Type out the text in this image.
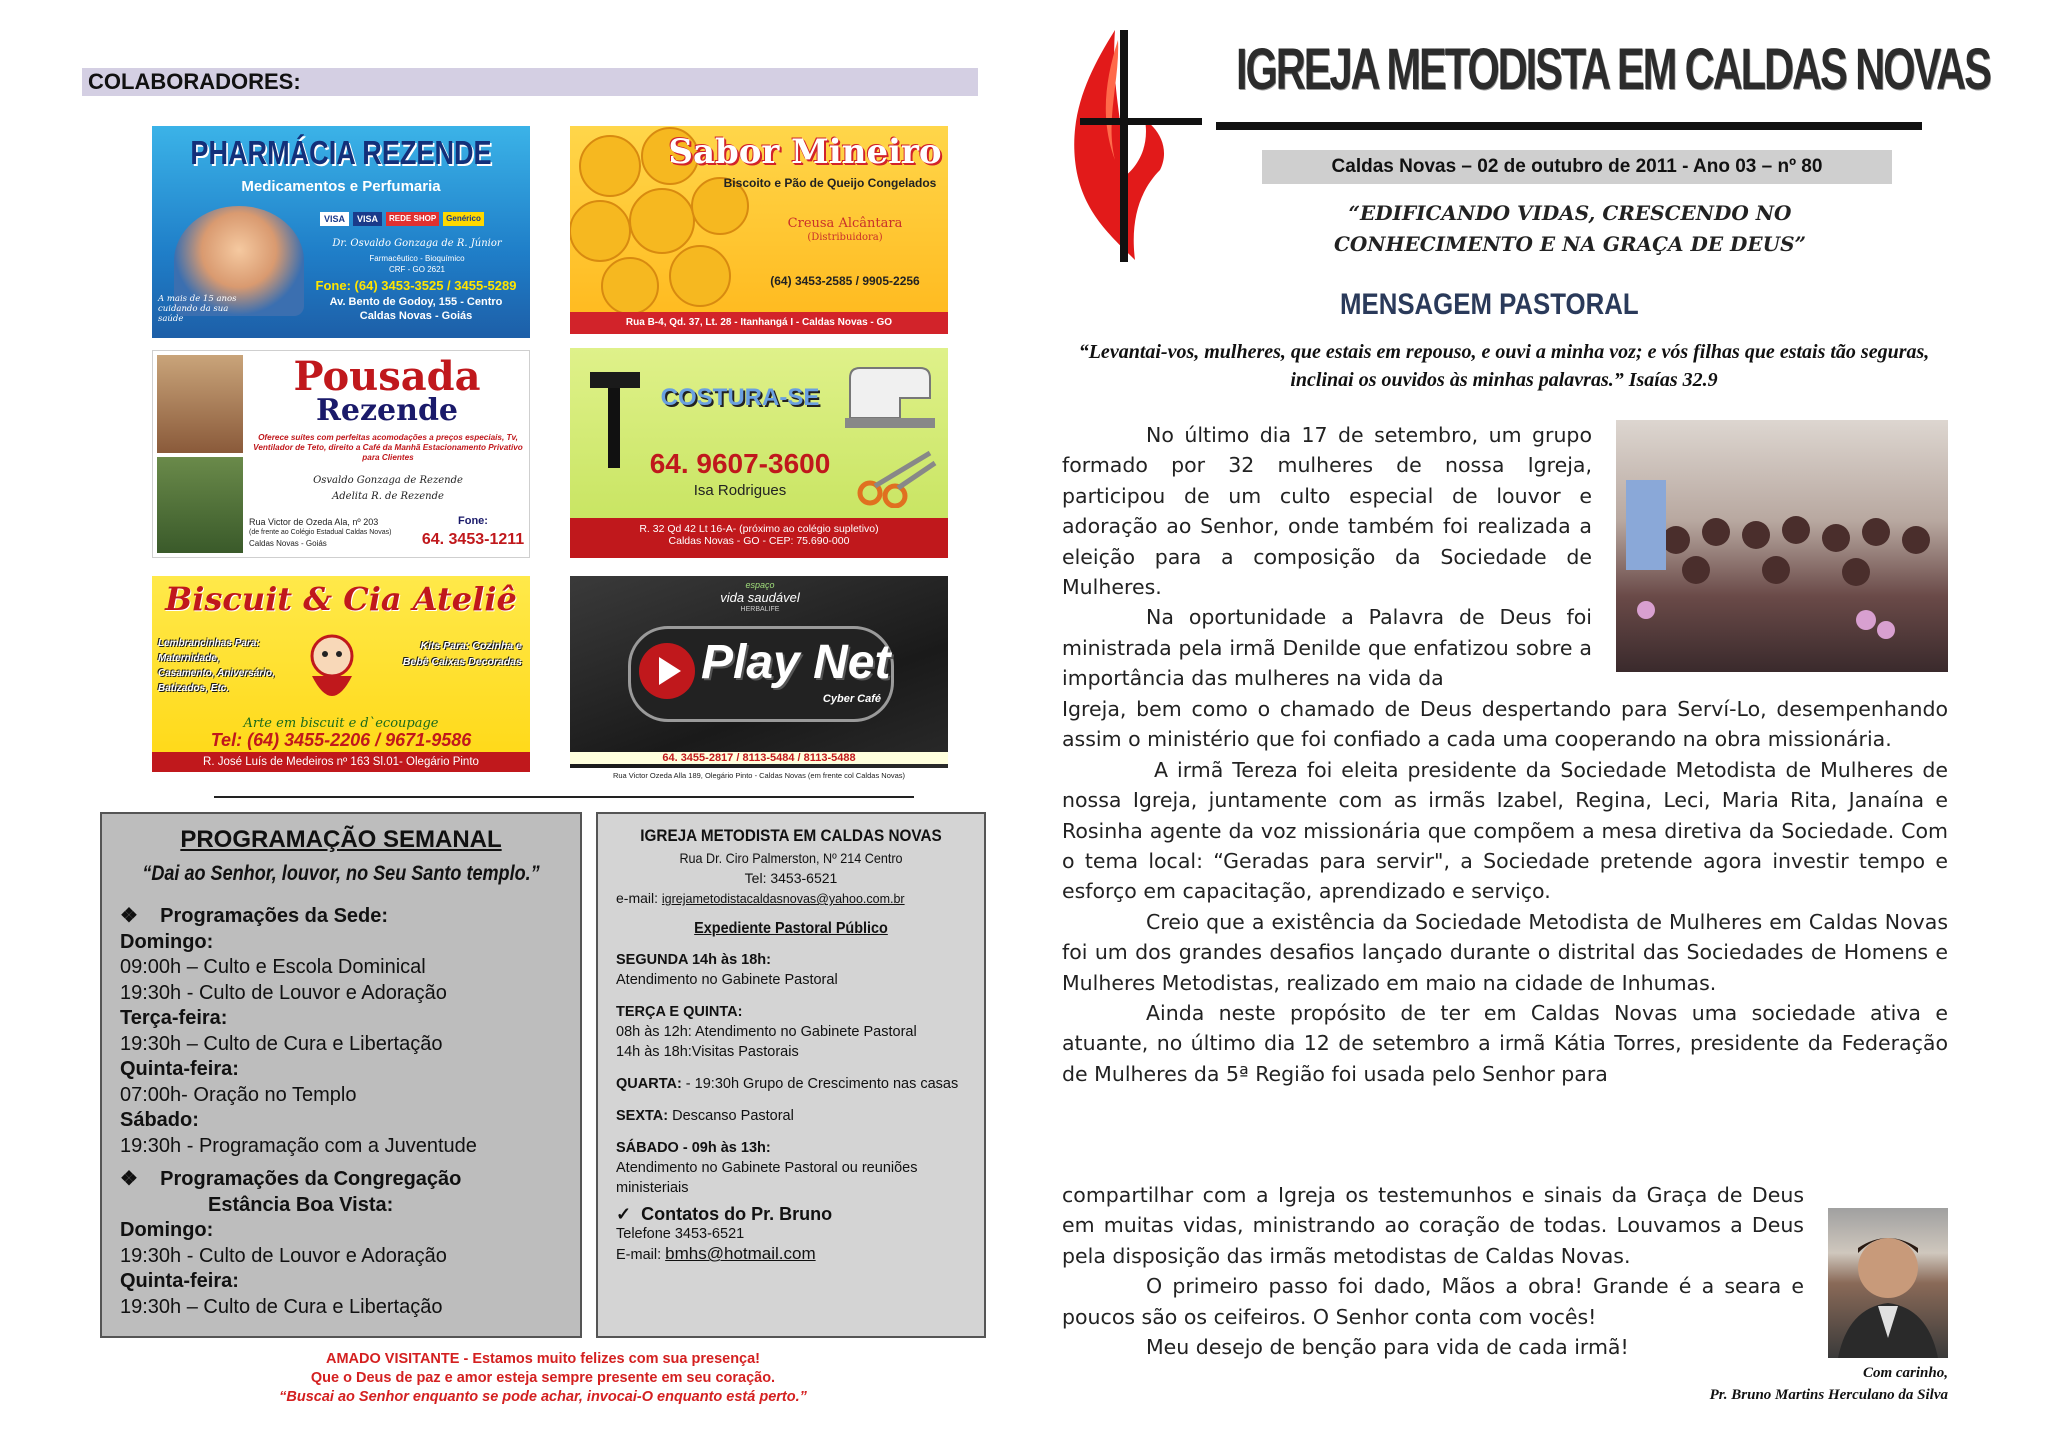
COLABORADORES:
PHARMÁCIA REZENDE
Medicamentos e Perfumaria
VISA	VISA	REDE SHOP	Genérico
Dr. Osvaldo Gonzaga de R. Júnior
Farmacêutico - Bioquímico
CRF - GO 2621
A mais de 15 anos cuidando da sua saúde
Fone: (64) 3453-3525 / 3455-5289
Av. Bento de Godoy, 155 - Centro
Caldas Novas - Goiás
Sabor Mineiro
Biscoito e Pão de Queijo Congelados
Creusa Alcântara
(Distribuidora)
(64) 3453-2585 / 9905-2256
Rua B-4, Qd. 37, Lt. 28 - Itanhangá I - Caldas Novas - GO
Pousada
Rezende
Oferece suítes com perfeitas acomodações a preços especiais, Tv, Ventilador de Teto, direito a Café da Manhã Estacionamento Privativo para Clientes
Osvaldo Gonzaga de Rezende
Adelita R. de Rezende
Rua Victor de Ozeda Ala, nº 203
(de frente ao Colégio Estadual Caldas Novas)
Caldas Novas - Goiás
Fone:
64. 3453-1211
COSTURA-SE
64. 9607-3600
Isa Rodrigues
R. 32 Qd 42 Lt 16-A- (próximo ao colégio supletivo)
Caldas Novas - GO - CEP: 75.690-000
Biscuit & Cia Ateliê
Lembrancinhas Para: Maternidade, Casamento, Aniversário, Batizados, Etc.
Kits Para: Cozinha e Bebê Caixas Decoradas
Arte em biscuit e d`ecoupage
Tel: (64) 3455-2206 / 9671-9586
R. José Luís de Medeiros nº 163 Sl.01- Olegário Pinto
espaço
vida saudável
HERBALIFE
Play Net
Cyber Café
64. 3455-2817 / 8113-5484 / 8113-5488
Rua Victor Ozeda Alla 189, Olegário Pinto - Caldas Novas (em frente col Caldas Novas)
PROGRAMAÇÃO SEMANAL
“Dai ao Senhor, louvor, no Seu Santo templo.”
❖ Programações da Sede:
Domingo:
09:00h – Culto e Escola Dominical
19:30h - Culto de Louvor e Adoração
Terça-feira:
19:30h – Culto de Cura e Libertação
Quinta-feira:
07:00h- Oração no Templo
Sábado:
19:30h - Programação com a Juventude
❖ Programações da Congregação
Estância Boa Vista:
Domingo:
19:30h - Culto de Louvor e Adoração
Quinta-feira:
19:30h – Culto de Cura e Libertação
IGREJA METODISTA EM CALDAS NOVAS
Rua Dr. Ciro Palmerston, Nº 214 Centro
Tel: 3453-6521
e-mail: igrejametodistacaldasnovas@yahoo.com.br
Expediente Pastoral Público
SEGUNDA 14h às 18h:
Atendimento no Gabinete Pastoral
TERÇA E QUINTA:
08h às 12h: Atendimento no Gabinete Pastoral
14h às 18h:Visitas Pastorais
QUARTA: - 19:30h Grupo de Crescimento nas casas
SEXTA: Descanso Pastoral
SÁBADO - 09h às 13h:
Atendimento no Gabinete Pastoral ou reuniões ministeriais
✓ Contatos do Pr. Bruno
Telefone 3453-6521
E-mail: bmhs@hotmail.com
AMADO VISITANTE - Estamos muito felizes com sua presença!
Que o Deus de paz e amor esteja sempre presente em seu coração.
“Buscai ao Senhor enquanto se pode achar, invocai-O enquanto está perto.”
IGREJA METODISTA EM CALDAS NOVAS
Caldas Novas – 02 de outubro de 2011 - Ano 03 – nº 80
“EDIFICANDO VIDAS, CRESCENDO NO
CONHECIMENTO E NA GRAÇA DE DEUS”
MENSAGEM PASTORAL
“Levantai-vos, mulheres, que estais em repouso, e ouvi a minha voz; e vós filhas que estais tão seguras, inclinai os ouvidos às minhas palavras.” Isaías 32.9

No último dia 17 de setembro, um grupo formado por 32 mulheres de nossa Igreja, participou de um culto especial de louvor e adoração ao Senhor, onde também foi realizada a eleição para a composição da Sociedade de Mulheres.

Na oportunidade a Palavra de Deus foi ministrada pela irmã Denilde que enfatizou sobre a importância das mulheres na vida da

Igreja, bem como o chamado de Deus despertando para Serví-Lo, desempenhando assim o ministério que foi confiado a cada uma cooperando na obra missionária.

A irmã Tereza foi eleita presidente da Sociedade Metodista de Mulheres de nossa Igreja, juntamente com as irmãs Izabel, Regina, Leci, Maria Rita, Janaína e Rosinha agente da voz missionária que compõem a mesa diretiva da Sociedade. Com o tema local: “Geradas para servir", a Sociedade pretende agora investir tempo e esforço em capacitação, aprendizado e serviço.

Creio que a existência da Sociedade Metodista de Mulheres em Caldas Novas foi um dos grandes desafios lançado durante o distrital das Sociedades de Homens e Mulheres Metodistas, realizado em maio na cidade de Inhumas.

Ainda neste propósito de ter em Caldas Novas uma sociedade ativa e atuante, no último dia 12 de setembro a irmã Kátia Torres, presidente da Federação de Mulheres da 5ª Região foi usada pelo Senhor para

compartilhar com a Igreja os testemunhos e sinais da Graça de Deus em muitas vidas, ministrando ao coração de todas. Louvamos a Deus pela disposição das irmãs metodistas de Caldas Novas.

O primeiro passo foi dado, Mãos a obra! Grande é a seara e poucos são os ceifeiros. O Senhor conta com vocês!

Meu desejo de benção para vida de cada irmã!

Com carinho,
Pr. Bruno Martins Herculano da Silva
